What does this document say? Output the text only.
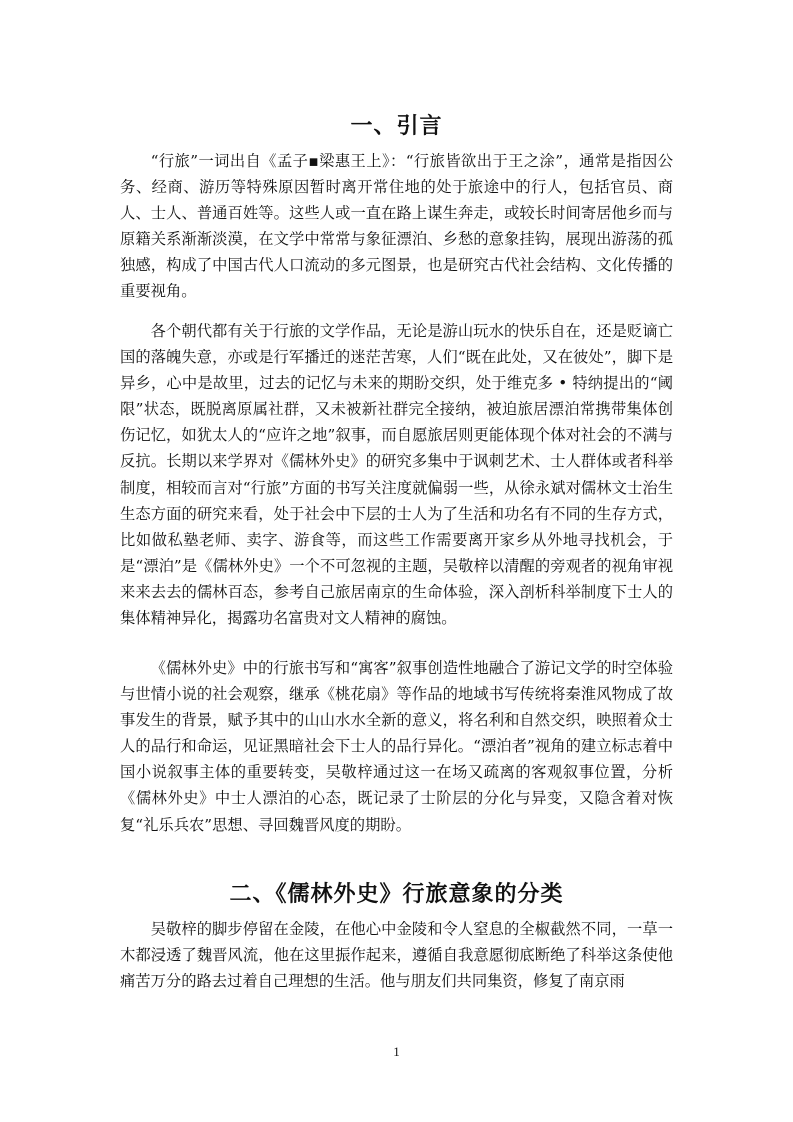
一、引言

“行旅”一词出自《孟子▪梁惠王上》：“行旅皆欲出于王之涂”，通常是指因公务、经商、游历等特殊原因暂时离开常住地的处于旅途中的行人，包括官员、商人、士人、普通百姓等。这些人或一直在路上谋生奔走，或较长时间寄居他乡而与原籍关系渐渐淡漠，在文学中常常与象征漂泊、乡愁的意象挂钩，展现出游荡的孤独感，构成了中国古代人口流动的多元图景，也是研究古代社会结构、文化传播的重要视角。

各个朝代都有关于行旅的文学作品，无论是游山玩水的快乐自在，还是贬谪亡国的落魄失意，亦或是行军播迁的迷茫苦寒，人们“既在此处，又在彼处”，脚下是异乡，心中是故里，过去的记忆与未来的期盼交织，处于维克多 • 特纳提出的“阈限”状态，既脱离原属社群，又未被新社群完全接纳，被迫旅居漂泊常携带集体创伤记忆，如犹太人的“应许之地”叙事，而自愿旅居则更能体现个体对社会的不满与反抗。长期以来学界对《儒林外史》的研究多集中于讽刺艺术、士人群体或者科举制度，相较而言对“行旅”方面的书写关注度就偏弱一些，从徐永斌对儒林文士治生生态方面的研究来看，处于社会中下层的士人为了生活和功名有不同的生存方式，比如做私塾老师、卖字、游食等，而这些工作需要离开家乡从外地寻找机会，于是“漂泊”是《儒林外史》一个不可忽视的主题，吴敬梓以清醒的旁观者的视角审视来来去去的儒林百态，参考自己旅居南京的生命体验，深入剖析科举制度下士人的集体精神异化，揭露功名富贵对文人精神的腐蚀。

《儒林外史》中的行旅书写和“寓客”叙事创造性地融合了游记文学的时空体验与世情小说的社会观察，继承《桃花扇》等作品的地域书写传统将秦淮风物成了故事发生的背景，赋予其中的山山水水全新的意义，将名利和自然交织，映照着众士人的品行和命运，见证黑暗社会下士人的品行异化。“漂泊者”视角的建立标志着中国小说叙事主体的重要转变，吴敬梓通过这一在场又疏离的客观叙事位置，分析《儒林外史》中士人漂泊的心态，既记录了士阶层的分化与异变，又隐含着对恢复“礼乐兵农”思想、寻回魏晋风度的期盼。

二、《儒林外史》行旅意象的分类

吴敬梓的脚步停留在金陵，在他心中金陵和令人窒息的全椒截然不同，一草一木都浸透了魏晋风流，他在这里振作起来，遵循自我意愿彻底断绝了科举这条使他痛苦万分的路去过着自己理想的生活。他与朋友们共同集资，修复了南京雨

1
